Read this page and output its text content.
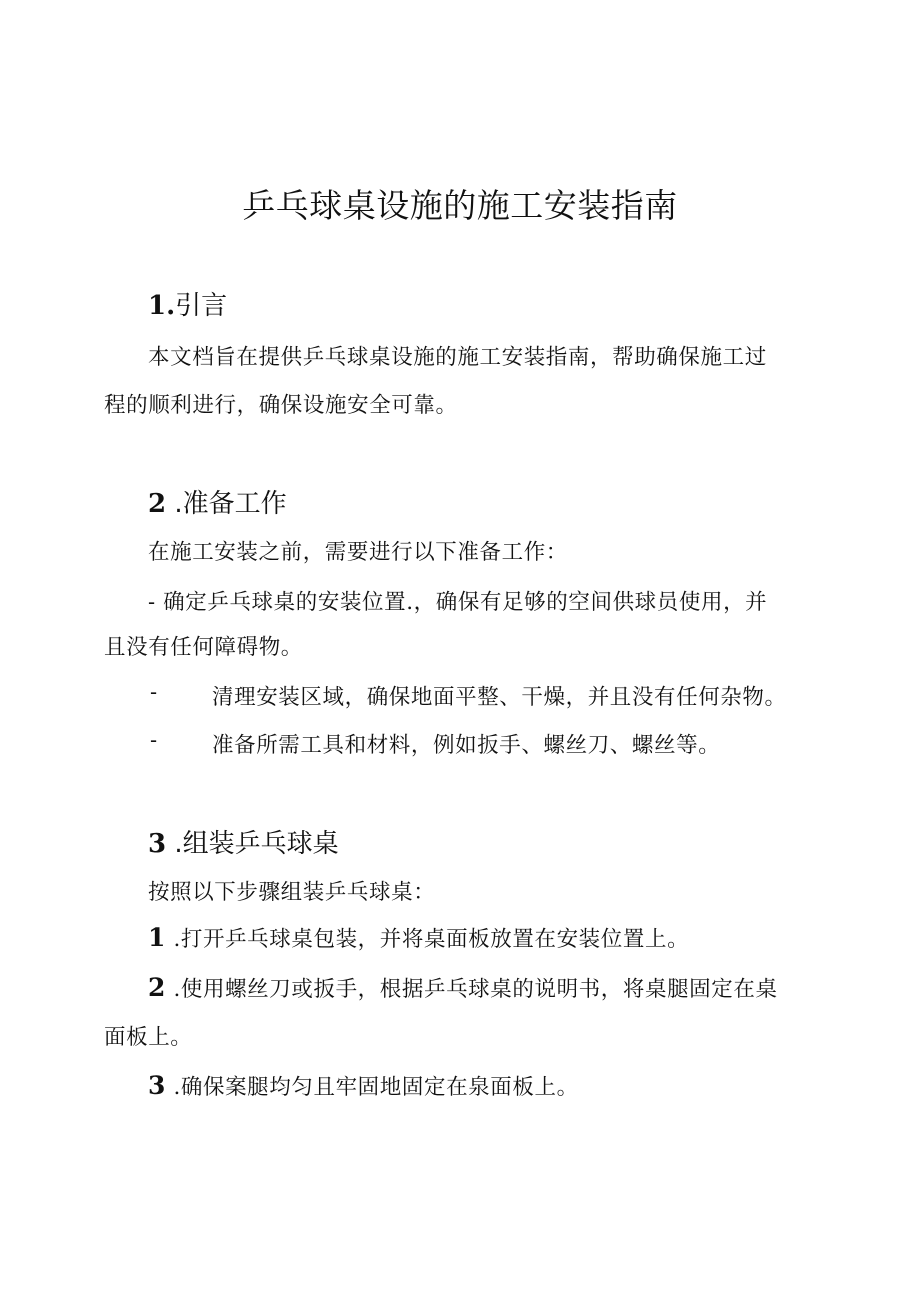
乒乓球桌设施的施工安装指南
1.引言
本文档旨在提供乒乓球桌设施的施工安装指南，帮助确保施工过
程的顺利进行，确保设施安全可靠。
2 .准备工作
在施工安装之前，需要进行以下准备工作：
- 确定乒乓球桌的安装位置.，确保有足够的空间供球员使用，并
且没有任何障碍物。
-	清理安装区域，确保地面平整、干燥，并且没有任何杂物。
-	准备所需工具和材料，例如扳手、螺丝刀、螺丝等。
3 .组装乒乓球桌
按照以下步骤组装乒乓球桌：
1 .打开乒乓球桌包装，并将桌面板放置在安装位置上。
2 .使用螺丝刀或扳手，根据乒乓球桌的说明书，将桌腿固定在桌
面板上。
3 .确保案腿均匀且牢固地固定在泉面板上。
